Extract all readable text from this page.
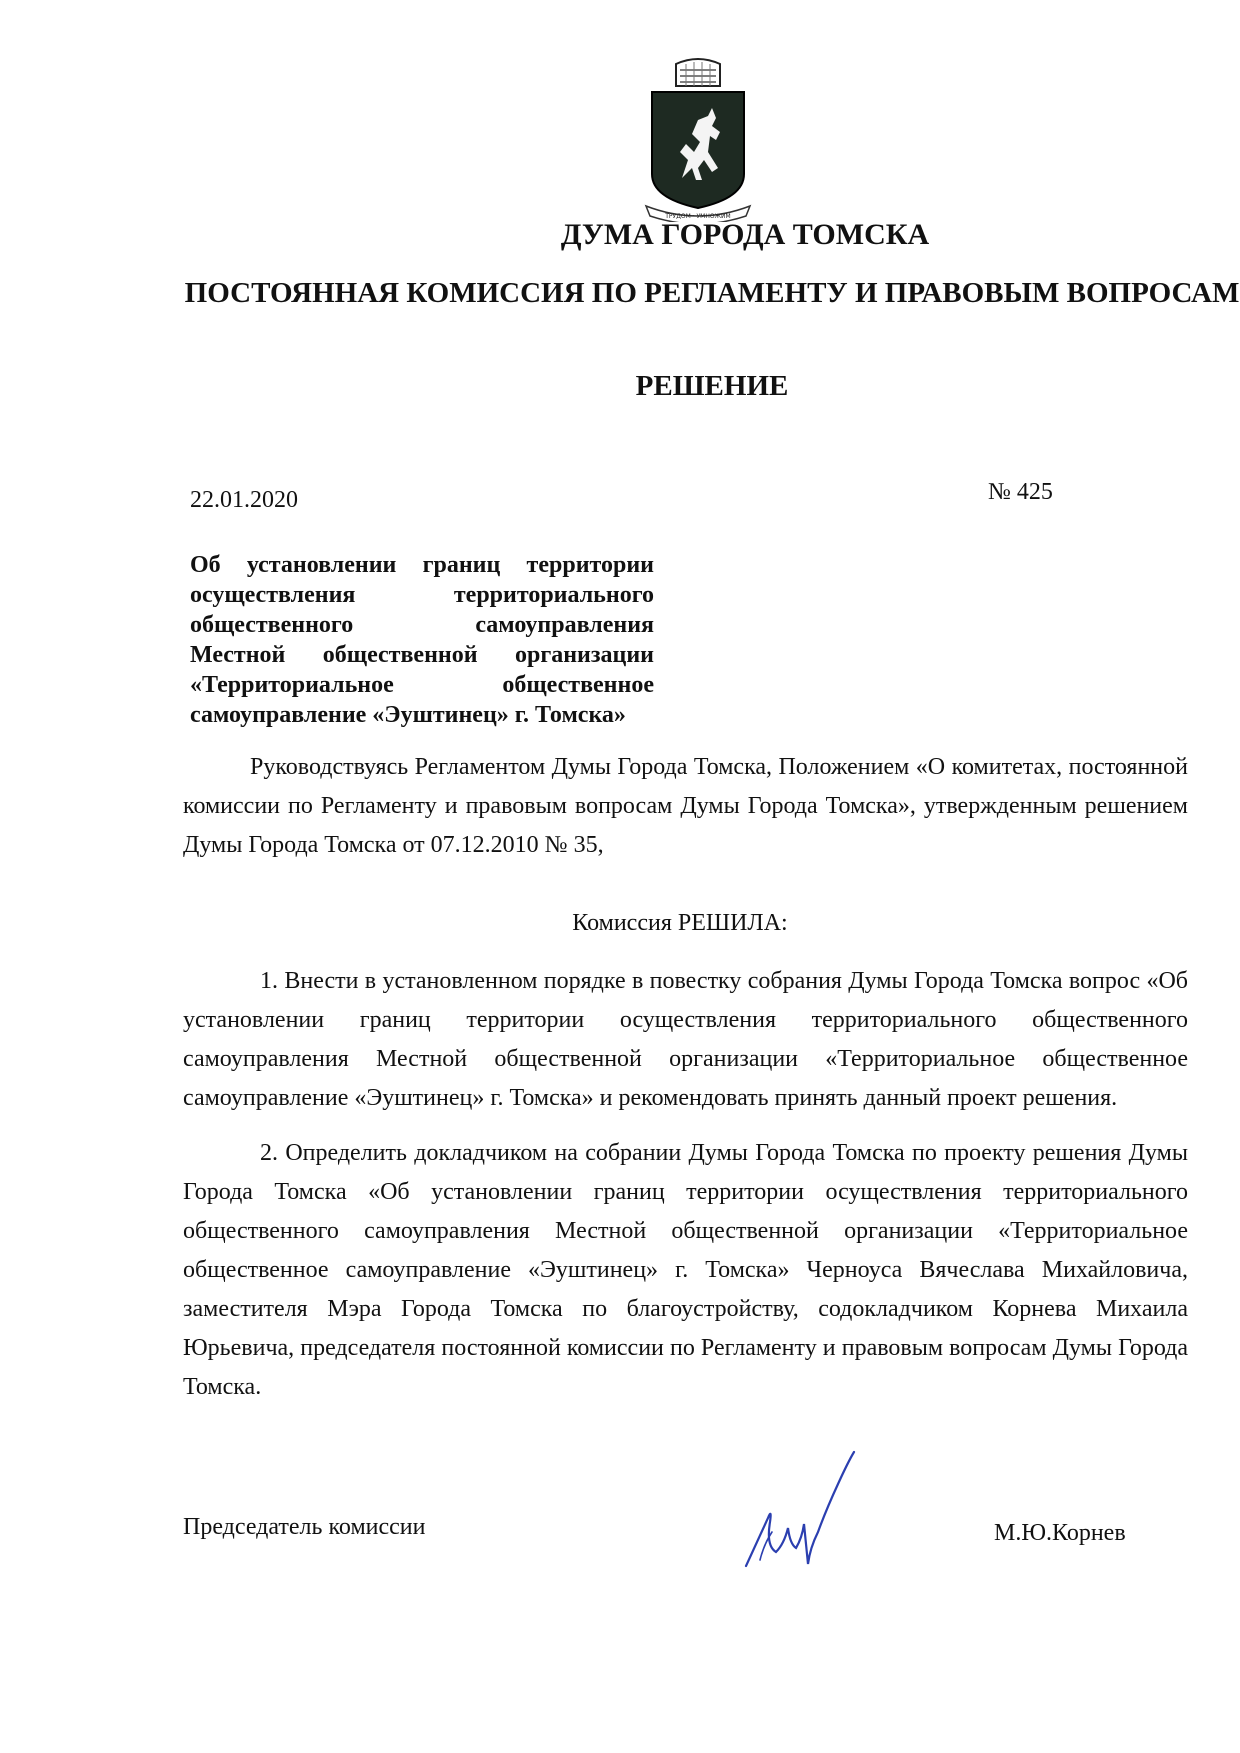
ТРУДОМ · УМНОЖИМ
ДУМА ГОРОДА ТОМСКА
ПОСТОЯННАЯ КОМИССИЯ ПО РЕГЛАМЕНТУ И ПРАВОВЫМ ВОПРОСАМ
РЕШЕНИЕ
22.01.2020	№ 425
Об установлении границ территории
осуществления территориального
общественного самоуправления
Местной общественной организации
«Территориальное общественное
самоуправление «Эуштинец» г. Томска»
Руководствуясь Регламентом Думы Города Томска, Положением «О комитетах, постоянной комиссии по Регламенту и правовым вопросам Думы Города Томска», утвержденным решением Думы Города Томска от 07.12.2010 № 35,
Комиссия РЕШИЛА:
1. Внести в установленном порядке в повестку собрания Думы Города Томска вопрос «Об установлении границ территории осуществления территориального общественного самоуправления Местной общественной организации «Территориальное общественное самоуправление «Эуштинец» г. Томска» и рекомендовать принять данный проект решения.
2. Определить докладчиком на собрании Думы Города Томска по проекту решения Думы Города Томска «Об установлении границ территории осуществления территориального общественного самоуправления Местной общественной организации «Территориальное общественное самоуправление «Эуштинец» г. Томска» Черноуса Вячеслава Михайловича, заместителя Мэра Города Томска по благоустройству, содокладчиком Корнева Михаила Юрьевича, председателя постоянной комиссии по Регламенту и правовым вопросам Думы Города Томска.
Председатель комиссии	М.Ю.Корнев
